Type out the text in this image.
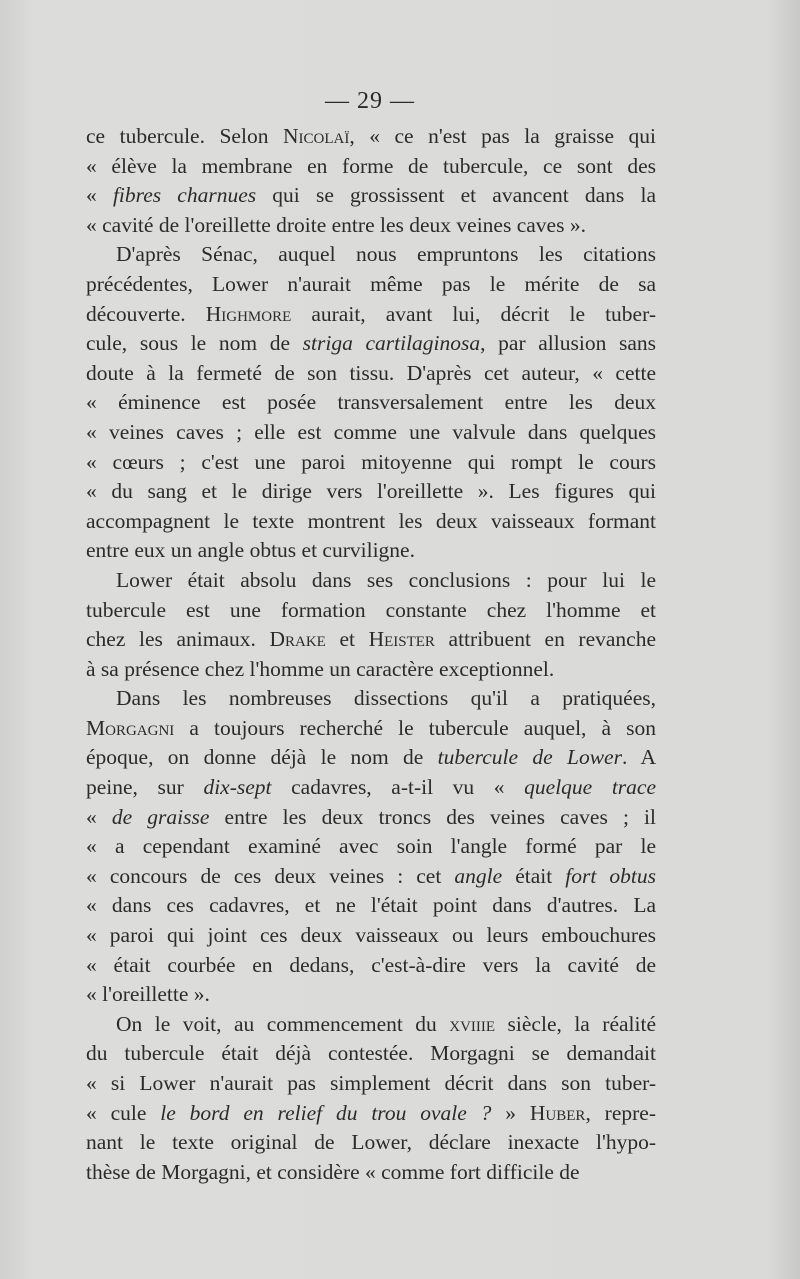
— 29 —

ce tubercule. Selon Nicolaï, « ce n'est pas la graisse qui
« élève la membrane en forme de tubercule, ce sont des
« fibres charnues qui se grossissent et avancent dans la
« cavité de l'oreillette droite entre les deux veines caves ».

D'après Sénac, auquel nous empruntons les citations
précédentes, Lower n'aurait même pas le mérite de sa
découverte. Highmore aurait, avant lui, décrit le tuber-
cule, sous le nom de striga cartilaginosa, par allusion sans
doute à la fermeté de son tissu. D'après cet auteur, « cette
« éminence est posée transversalement entre les deux
« veines caves ; elle est comme une valvule dans quelques
« cœurs ; c'est une paroi mitoyenne qui rompt le cours
« du sang et le dirige vers l'oreillette ». Les figures qui
accompagnent le texte montrent les deux vaisseaux formant
entre eux un angle obtus et curviligne.

Lower était absolu dans ses conclusions : pour lui le
tubercule est une formation constante chez l'homme et
chez les animaux. Drake et Heister attribuent en revanche
à sa présence chez l'homme un caractère exceptionnel.

Dans les nombreuses dissections qu'il a pratiquées,
Morgagni a toujours recherché le tubercule auquel, à son
époque, on donne déjà le nom de tubercule de Lower. A
peine, sur dix-sept cadavres, a-t-il vu « quelque trace
« de graisse entre les deux troncs des veines caves ; il
« a cependant examiné avec soin l'angle formé par le
« concours de ces deux veines : cet angle était fort obtus
« dans ces cadavres, et ne l'était point dans d'autres. La
« paroi qui joint ces deux vaisseaux ou leurs embouchures
« était courbée en dedans, c'est-à-dire vers la cavité de
« l'oreillette ».

On le voit, au commencement du xviiie siècle, la réalité
du tubercule était déjà contestée. Morgagni se demandait
« si Lower n'aurait pas simplement décrit dans son tuber-
« cule le bord en relief du trou ovale ? » Huber, repre-
nant le texte original de Lower, déclare inexacte l'hypo-
thèse de Morgagni, et considère « comme fort difficile de
